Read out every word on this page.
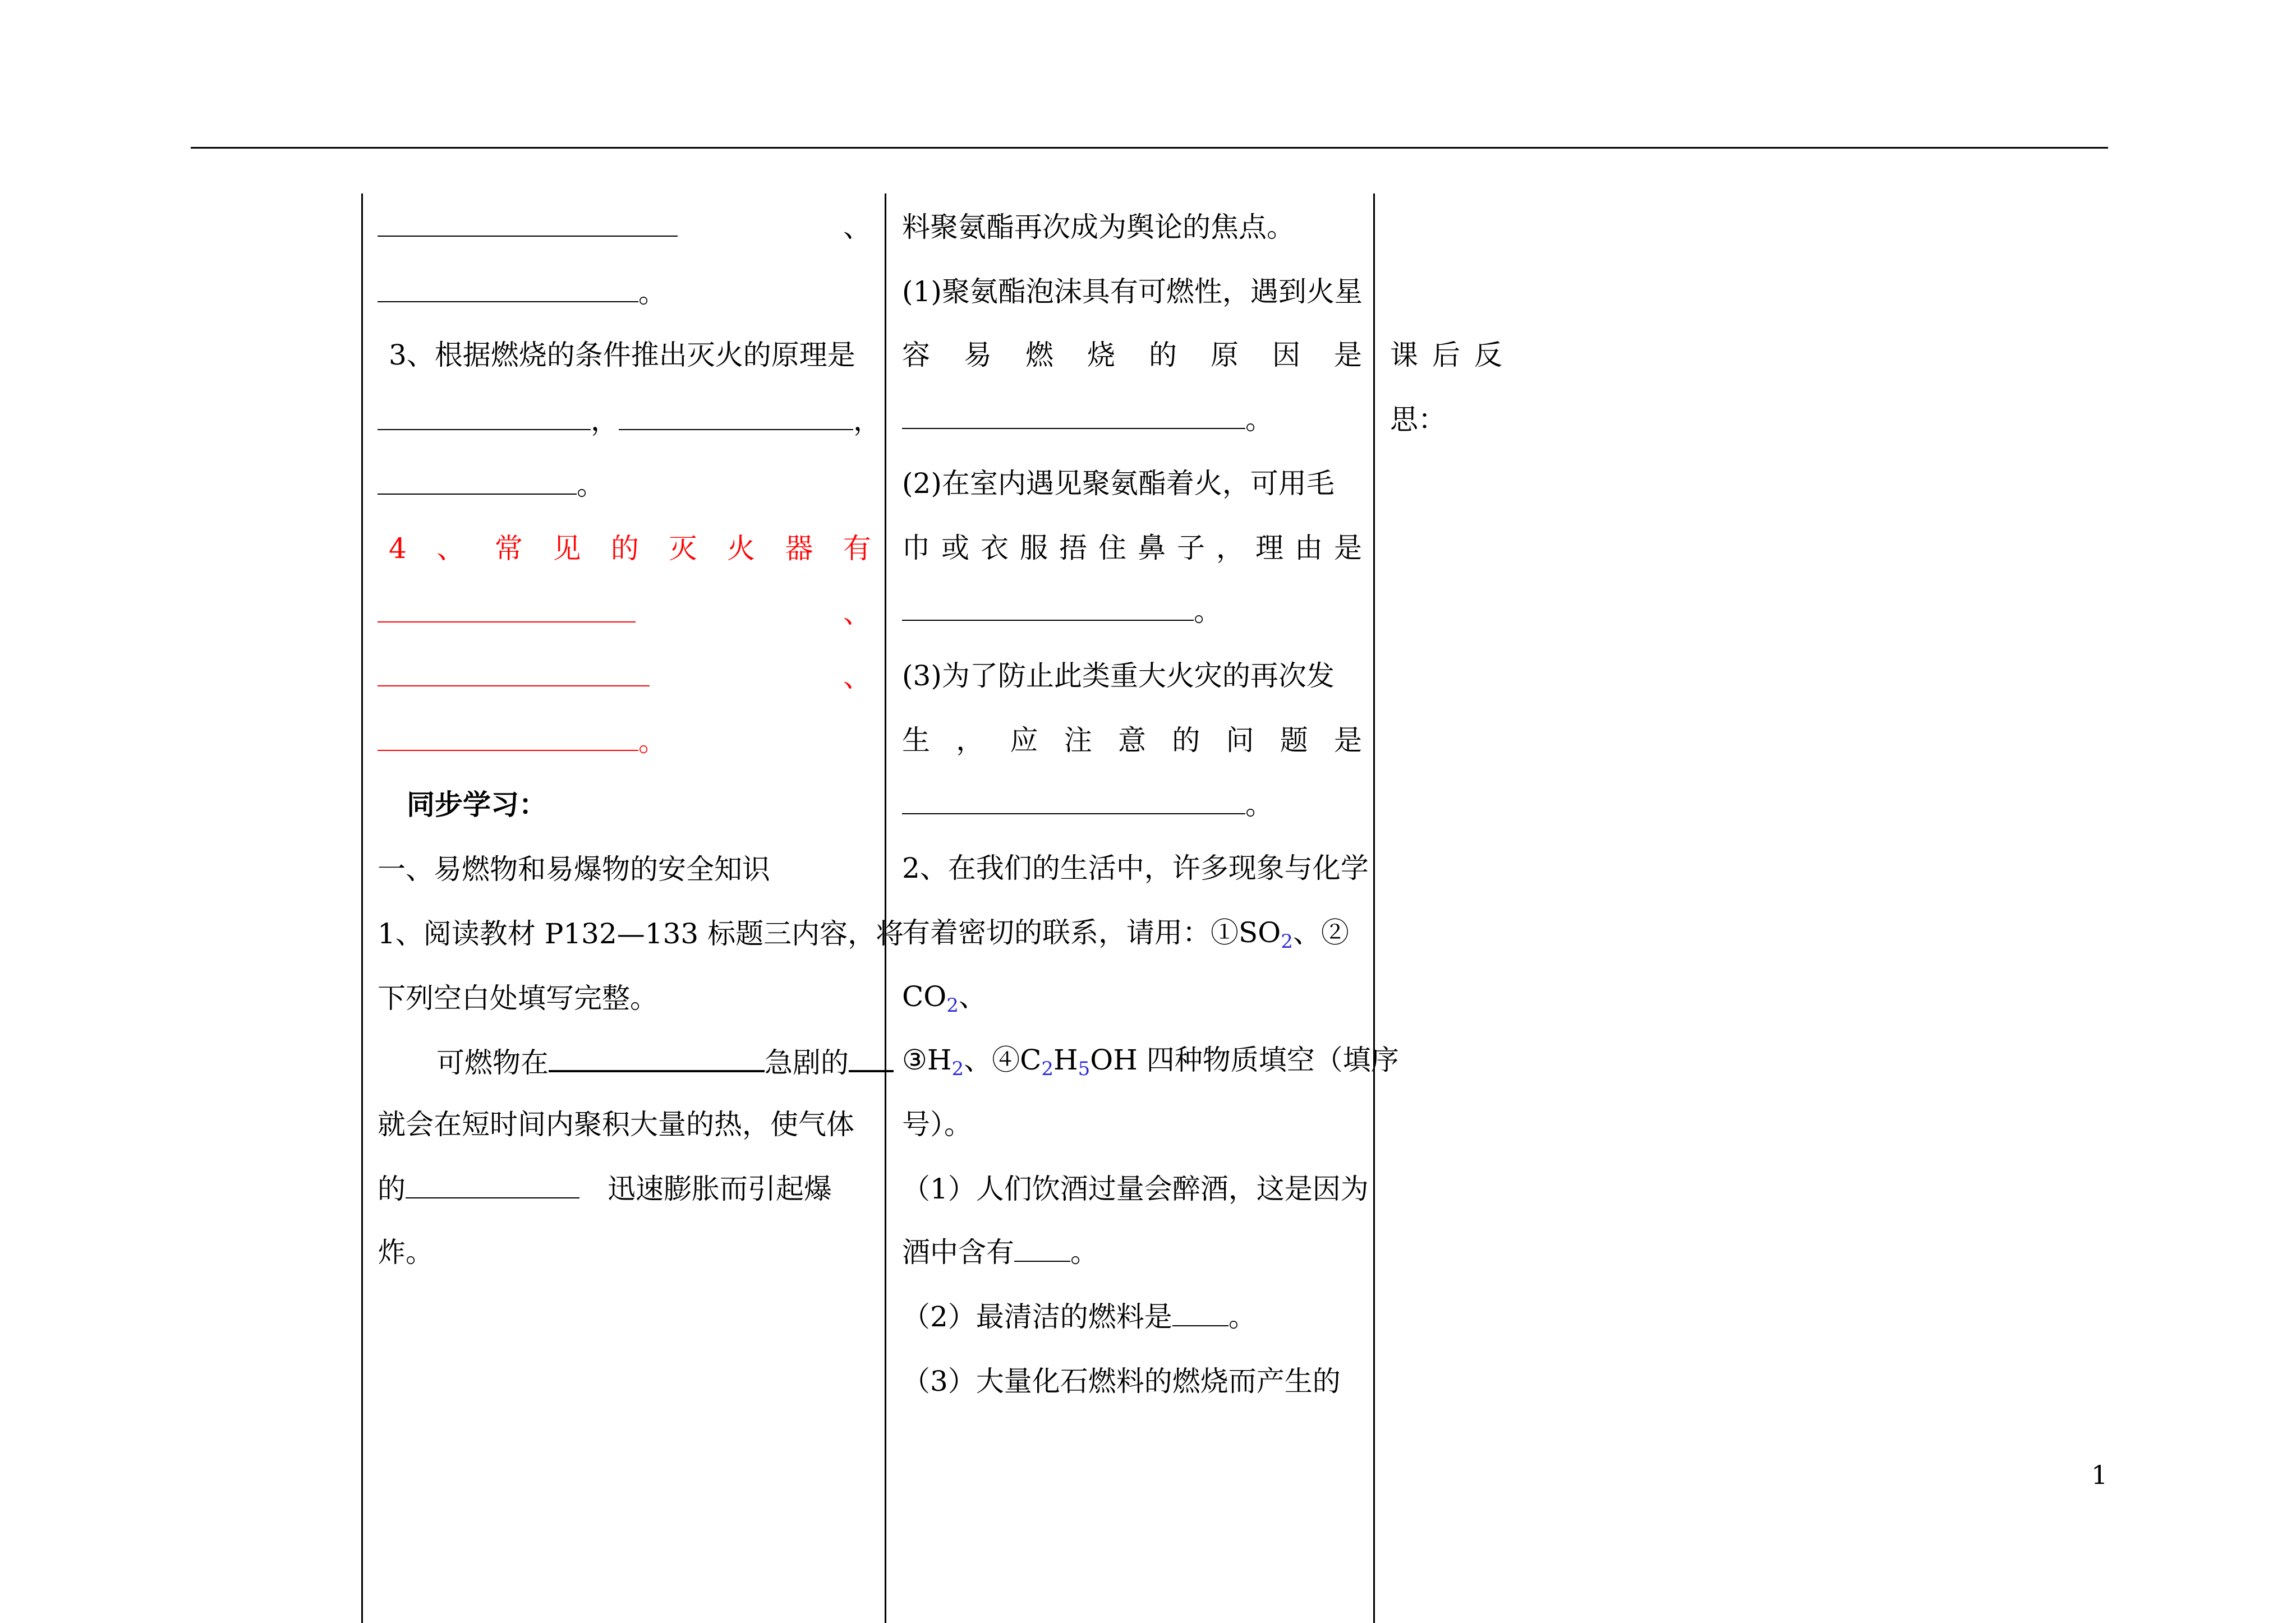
、
。
3、根据燃烧的条件推出灭火的原理是
，	，
。
4 、 常 见 的 灭 火 器 有
、
、
。
同步学习：
一、易燃物和易爆物的安全知识
1、阅读教材 P132—133 标题三内容，将
下列空白处填写完整。
可燃物在	急剧的
就会在短时间内聚积大量的热，使气体
的	迅速膨胀而引起爆
炸。
料聚氨酯再次成为舆论的焦点。
(1)聚氨酯泡沫具有可燃性，遇到火星
容 易 燃 烧 的 原 因 是
。
(2)在室内遇见聚氨酯着火，可用毛
巾 或 衣 服 捂 住 鼻 子 ， 理 由 是
。
(3)为了防止此类重大火灾的再次发
生 ， 应 注 意 的 问 题 是
。
2、在我们的生活中，许多现象与化学
有着密切的联系，请用：$①SO_2$、②
$CO_2$、
$③H_2$、$④C_2H_5OH$ 四种物质填空（填序
号）。
（1）人们饮酒过量会醉酒，这是因为
酒中含有 。
（2）最清洁的燃料是 。
（3）大量化石燃料的燃烧而产生的
课 后 反
思：
1
